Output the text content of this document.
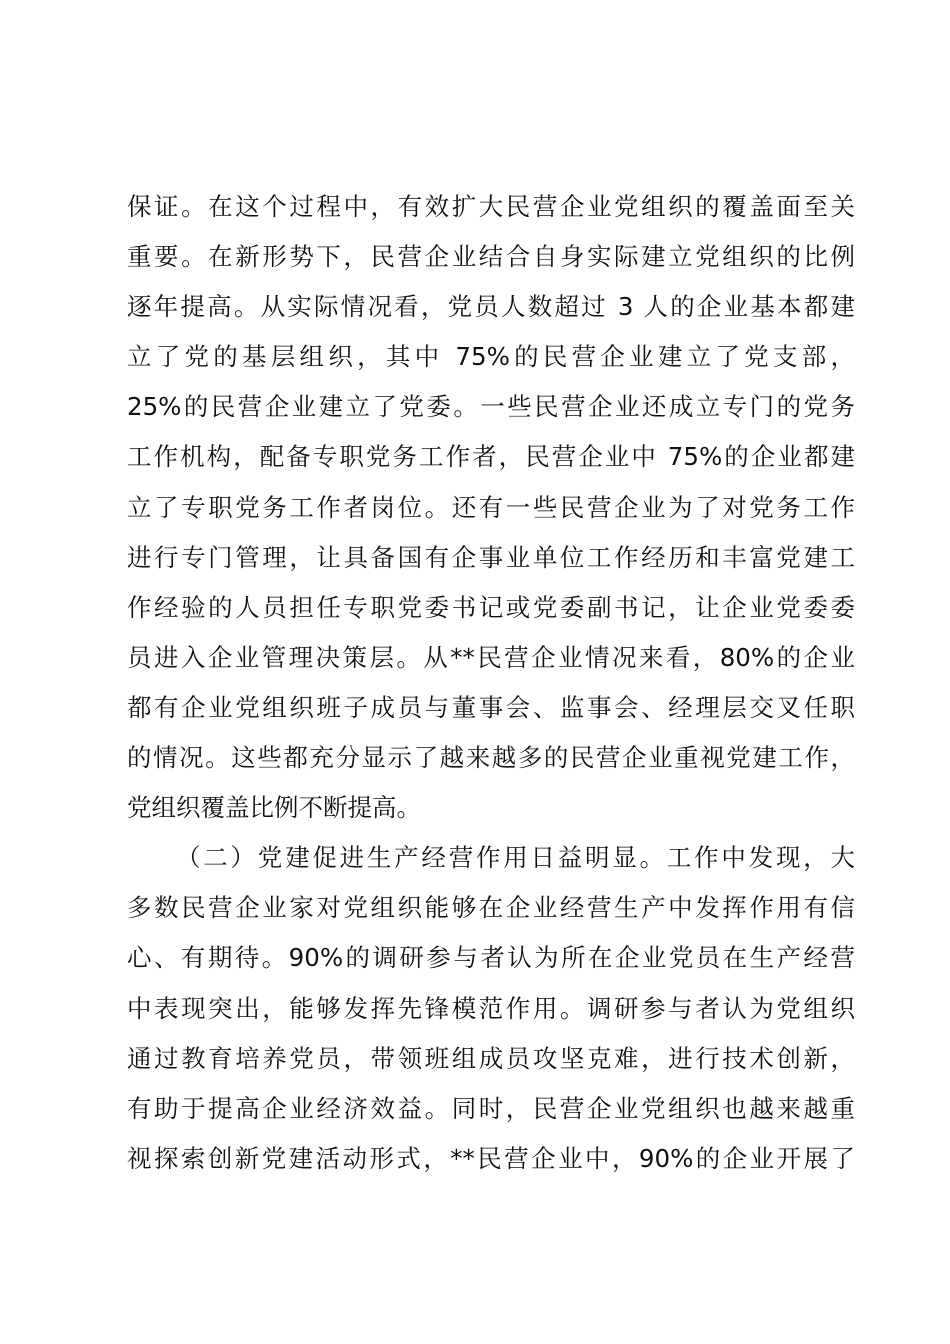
保证。在这个过程中，有效扩大民营企业党组织的覆盖面至关
重要。在新形势下，民营企业结合自身实际建立党组织的比例
逐年提高。从实际情况看，党员人数超过 3 人的企业基本都建
立了党的基层组织，其中 75%的民营企业建立了党支部，
25%的民营企业建立了党委。一些民营企业还成立专门的党务
工作机构，配备专职党务工作者，民营企业中 75%的企业都建
立了专职党务工作者岗位。还有一些民营企业为了对党务工作
进行专门管理，让具备国有企事业单位工作经历和丰富党建工
作经验的人员担任专职党委书记或党委副书记，让企业党委委
员进入企业管理决策层。从**民营企业情况来看，80%的企业
都有企业党组织班子成员与董事会、监事会、经理层交叉任职
的情况。这些都充分显示了越来越多的民营企业重视党建工作，
党组织覆盖比例不断提高。
（二）党建促进生产经营作用日益明显。工作中发现，大
多数民营企业家对党组织能够在企业经营生产中发挥作用有信
心、有期待。90%的调研参与者认为所在企业党员在生产经营
中表现突出，能够发挥先锋模范作用。调研参与者认为党组织
通过教育培养党员，带领班组成员攻坚克难，进行技术创新，
有助于提高企业经济效益。同时，民营企业党组织也越来越重
视探索创新党建活动形式，**民营企业中，90%的企业开展了
